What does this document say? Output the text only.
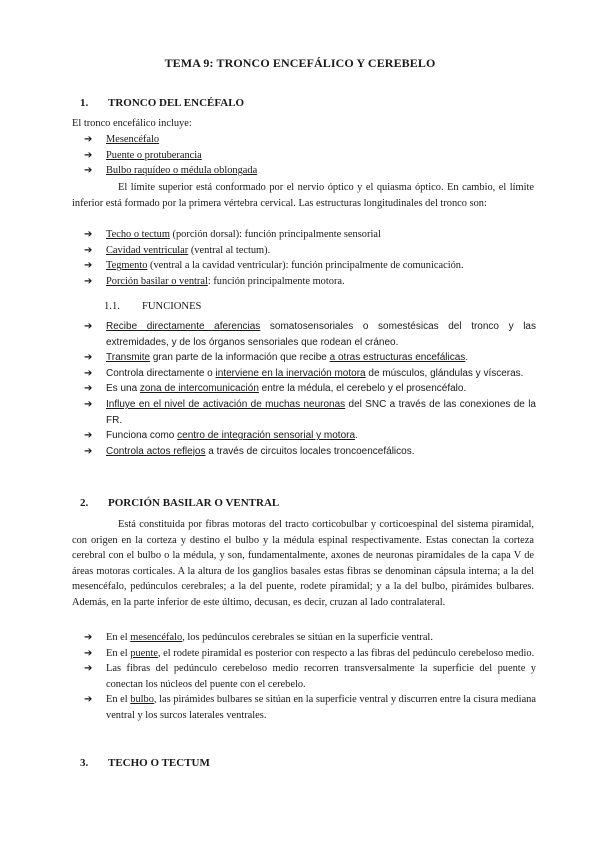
TEMA 9: TRONCO ENCEFÁLICO Y CEREBELO
1. TRONCO DEL ENCÉFALO
El tronco encefálico incluye:
➔ Mesencéfalo
➔ Puente o protuberancia
➔ Bulbo raquídeo o médula oblongada
El límite superior está conformado por el nervio óptico y el quiasma óptico. En cambio, el límite inferior está formado por la primera vértebra cervical. Las estructuras longitudinales del tronco son:
➔ Techo o tectum (porción dorsal): función principalmente sensorial
➔ Cavidad ventricular (ventral al tectum).
➔ Tegmento (ventral a la cavidad ventricular): función principalmente de comunicación.
➔ Porción basilar o ventral: función principalmente motora.
1.1. FUNCIONES
➔ Recibe directamente aferencias somatosensoriales o somestésicas del tronco y las extremidades, y de los órganos sensoriales que rodean el cráneo.
➔ Transmite gran parte de la información que recibe a otras estructuras encefálicas.
➔ Controla directamente o interviene en la inervación motora de músculos, glándulas y vísceras.
➔ Es una zona de intercomunicación entre la médula, el cerebelo y el prosencéfalo.
➔ Influye en el nivel de activación de muchas neuronas del SNC a través de las conexiones de la FR.
➔ Funciona como centro de integración sensorial y motora.
➔ Controla actos reflejos a través de circuitos locales troncoencefálicos.
2. PORCIÓN BASILAR O VENTRAL
Está constituida por fibras motoras del tracto corticobulbar y corticoespinal del sistema piramidal, con origen en la corteza y destino el bulbo y la médula espinal respectivamente. Estas conectan la corteza cerebral con el bulbo o la médula, y son, fundamentalmente, axones de neuronas piramidales de la capa V de áreas motoras corticales. A la altura de los ganglios basales estas fibras se denominan cápsula interna; a la del mesencéfalo, pedúnculos cerebrales; a la del puente, rodete piramidal; y a la del bulbo, pirámides bulbares. Además, en la parte inferior de este último, decusan, es decir, cruzan al lado contralateral.
➔ En el mesencéfalo, los pedúnculos cerebrales se sitúan en la superficie ventral.
➔ En el puente, el rodete piramidal es posterior con respecto a las fibras del pedúnculo cerebeloso medio.
➔ Las fibras del pedúnculo cerebeloso medio recorren transversalmente la superficie del puente y conectan los núcleos del puente con el cerebelo.
➔ En el bulbo, las pirámides bulbares se sitúan en la superficie ventral y discurren entre la cisura mediana ventral y los surcos laterales ventrales.
3. TECHO O TECTUM
